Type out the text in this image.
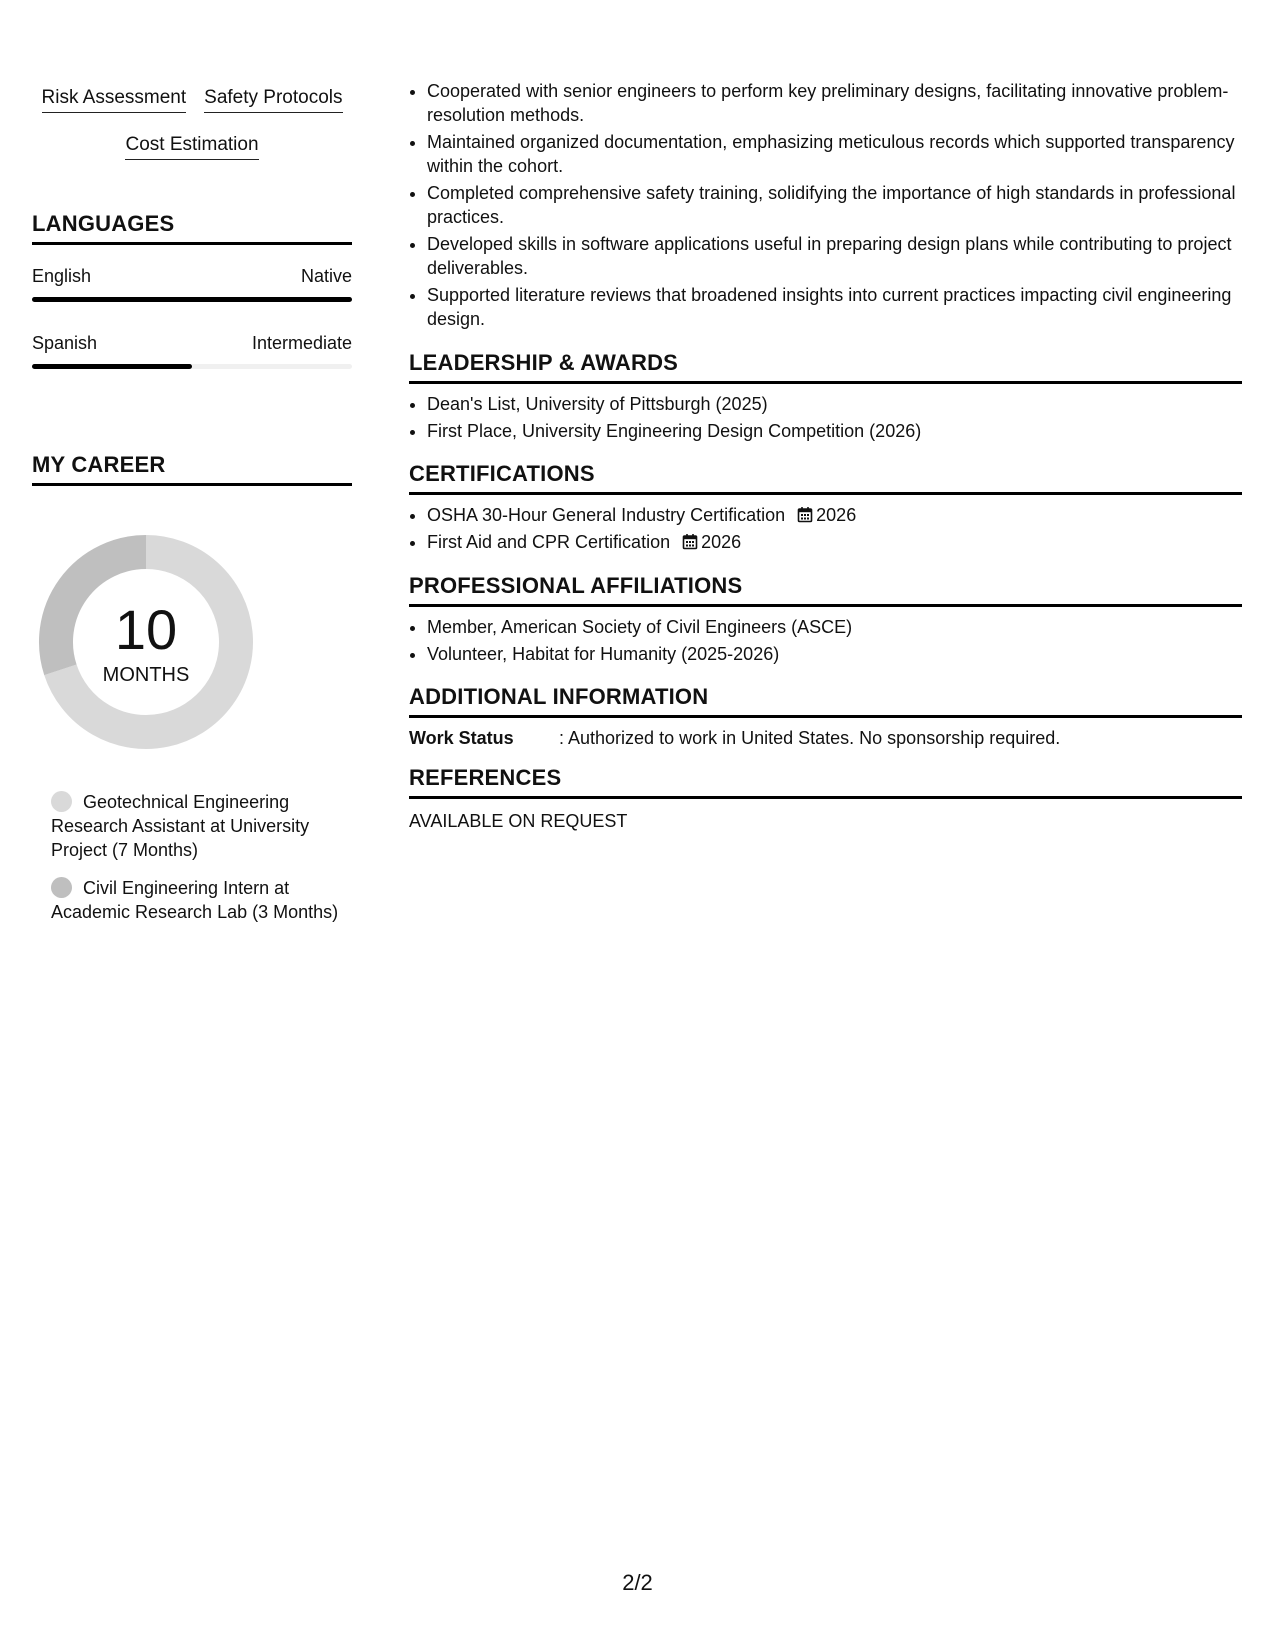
Risk Assessment Safety Protocols
Cost Estimation
LANGUAGES
English	Native
Spanish	Intermediate
MY CAREER
10
MONTHS
Geotechnical Engineering Research Assistant at University Project (7 Months)
Civil Engineering Intern at Academic Research Lab (3 Months)
• Cooperated with senior engineers to perform key preliminary designs, facilitating innovative problem-resolution methods.
• Maintained organized documentation, emphasizing meticulous records which supported transparency within the cohort.
• Completed comprehensive safety training, solidifying the importance of high standards in professional practices.
• Developed skills in software applications useful in preparing design plans while contributing to project deliverables.
• Supported literature reviews that broadened insights into current practices impacting civil engineering design.
LEADERSHIP & AWARDS
• Dean's List, University of Pittsburgh (2025)
• First Place, University Engineering Design Competition (2026)
CERTIFICATIONS
• OSHA 30-Hour General Industry Certification 2026
• First Aid and CPR Certification 2026
PROFESSIONAL AFFILIATIONS
• Member, American Society of Civil Engineers (ASCE)
• Volunteer, Habitat for Humanity (2025-2026)
ADDITIONAL INFORMATION
Work Status	: Authorized to work in United States. No sponsorship required.
REFERENCES
AVAILABLE ON REQUEST
2/2
